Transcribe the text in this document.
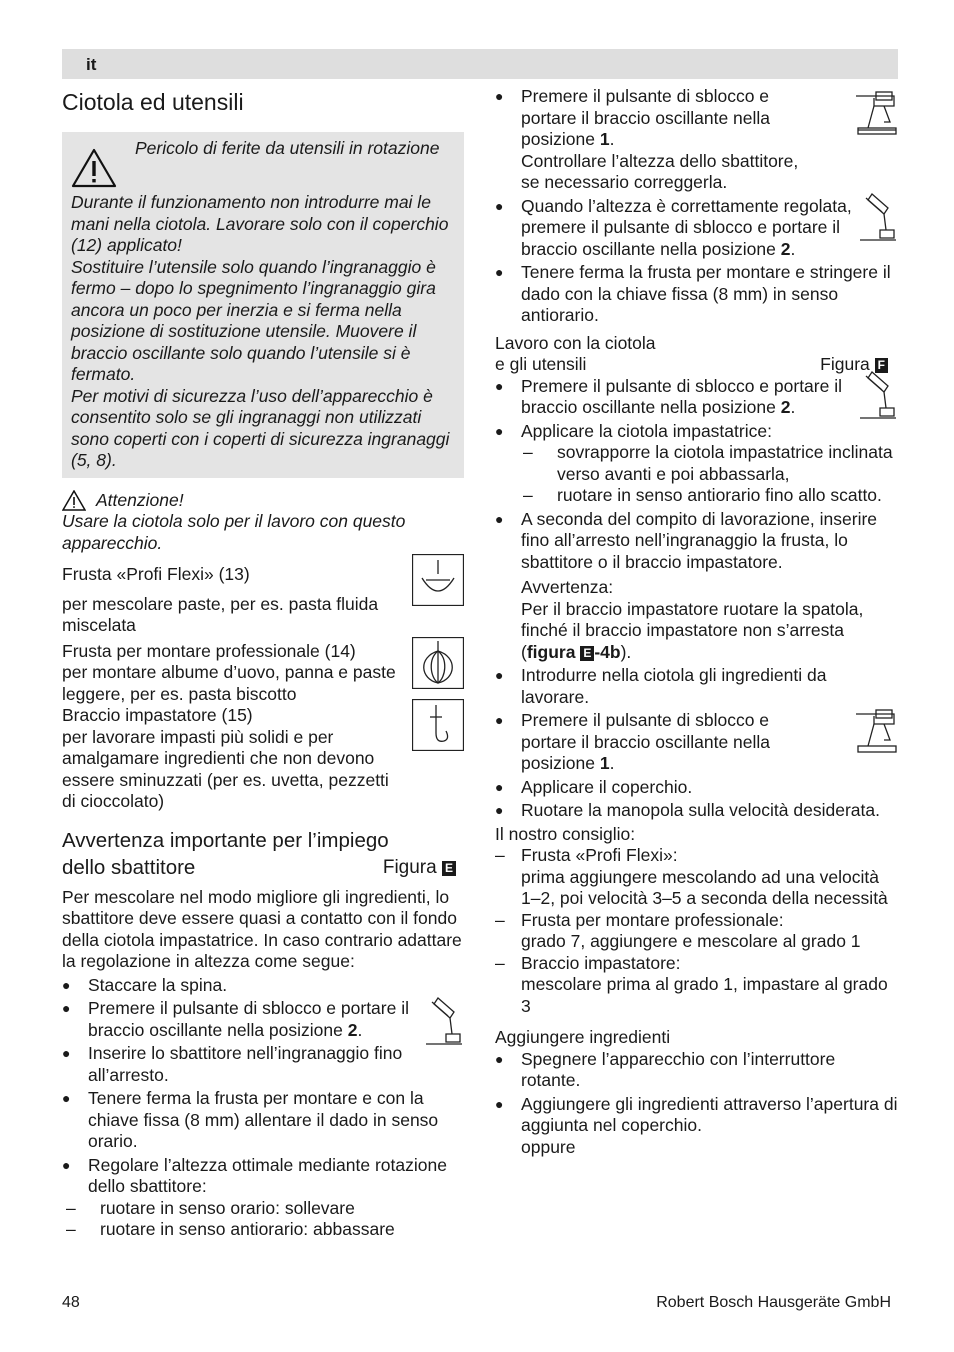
it
Ciotola ed utensili
Pericolo di ferite da utensili in rotazione
Durante il funzionamento non introdurre mai le mani nella ciotola. Lavorare solo con il coperchio (12) applicato!
Sostituire l’utensile solo quando l’ingranaggio è fermo – dopo lo spegnimento l’ingranaggio gira ancora un poco per inerzia e si ferma nella posizione di sostituzione utensile. Muovere il braccio oscillante solo quando l’utensile si è fermato.
Per motivi di sicurezza l’uso dell’apparecchio è consentito solo se gli ingranaggi non utilizzati sono coperti con i coperti di sicurezza ingranaggi (5, 8).
Attenzione!
Usare la ciotola solo per il lavoro con questo apparecchio.
Frusta «Profi Flexi» (13)
per mescolare paste, per es. pasta fluida miscelata
Frusta per montare professionale (14)
per montare albume d’uovo, panna e paste leggere, per es. pasta biscotto
Braccio impastatore (15)
per lavorare impasti più solidi e per amalgamare ingredienti che non devono essere sminuzzati (per es. uvetta, pezzetti di cioccolato)
Avvertenza importante per l’impiego
dello sbattitore	Figura E
Per mescolare nel modo migliore gli ingredienti, lo sbattitore deve essere quasi a contatto con il fondo della ciotola impastatrice. In caso contrario adattare la regolazione in altezza come segue:
● Staccare la spina.
● Premere il pulsante di sblocco e portare il braccio oscillante nella posizione 2.
● Inserire lo sbattitore nell’ingranaggio fino all’arresto.
● Tenere ferma la frusta per montare e con la chiave fissa (8 mm) allentare il dado in senso orario.
● Regolare l’altezza ottimale mediante rotazione dello sbattitore:
– ruotare in senso orario: sollevare
– ruotare in senso antiorario: abbassare
● Premere il pulsante di sblocco e portare il braccio oscillante nella posizione 1.
Controllare l’altezza dello sbattitore, se necessario correggerla.
● Quando l’altezza è correttamente regolata, premere il pulsante di sblocco e portare il braccio oscillante nella posizione 2.
● Tenere ferma la frusta per montare e stringere il dado con la chiave fissa (8 mm) in senso antiorario.
Lavoro con la ciotola
e gli utensili	Figura F
● Premere il pulsante di sblocco e portare il braccio oscillante nella posizione 2.
● Applicare la ciotola impastatrice:
– sovrapporre la ciotola impastatrice inclinata verso avanti e poi abbassarla,
– ruotare in senso antiorario fino allo scatto.
● A seconda del compito di lavorazione, inserire fino all’arresto nell’ingranaggio la frusta, lo sbattitore o il braccio impastatore.
Avvertenza:
Per il braccio impastatore ruotare la spatola, finché il braccio impastatore non s’arresta (figura E -4b).
● Introdurre nella ciotola gli ingredienti da lavorare.
● Premere il pulsante di sblocco e portare il braccio oscillante nella posizione 1.
● Applicare il coperchio.
● Ruotare la manopola sulla velocità desiderata.
Il nostro consiglio:
– Frusta «Profi Flexi»:
prima aggiungere mescolando ad una velocità 1–2, poi velocità 3–5 a seconda della necessità
– Frusta per montare professionale:
grado 7, aggiungere e mescolare al grado 1
– Braccio impastatore:
mescolare prima al grado 1, impastare al grado 3
Aggiungere ingredienti
● Spegnere l’apparecchio con l’interruttore rotante.
● Aggiungere gli ingredienti attraverso l’apertura di aggiunta nel coperchio.
oppure
48	Robert Bosch Hausgeräte GmbH
